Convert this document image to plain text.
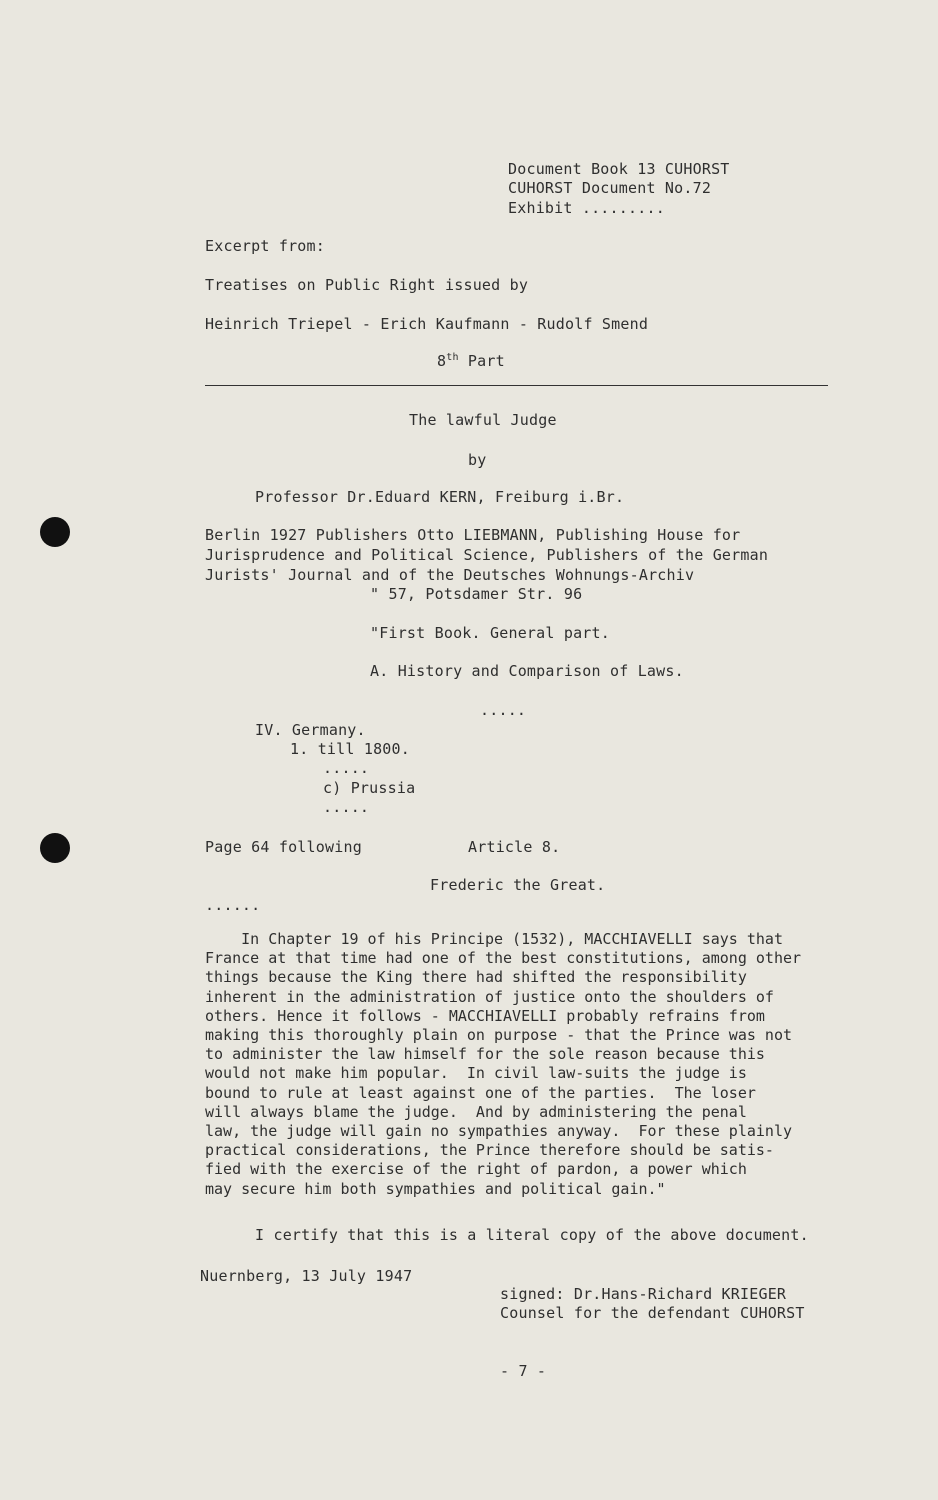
Document Book 13 CUHORST
CUHORST Document No.72
Exhibit .........
Excerpt from:
Treatises on Public Right issued by
Heinrich Triepel - Erich Kaufmann - Rudolf Smend
8th Part
The lawful Judge
by
Professor Dr.Eduard KERN, Freiburg i.Br.
Berlin 1927 Publishers Otto LIEBMANN, Publishing House for
Jurisprudence and Political Science, Publishers of the German
Jurists' Journal and of the Deutsches Wohnungs-Archiv
" 57, Potsdamer Str. 96
"First Book. General part.
A. History and Comparison of Laws.
.....
IV. Germany.
1. till 1800.
.....
c) Prussia
.....
Page 64 following	Article 8.
Frederic the Great.
......
In Chapter 19 of his Principe (1532), MACCHIAVELLI says that
France at that time had one of the best constitutions, among other
things because the King there had shifted the responsibility
inherent in the administration of justice onto the shoulders of
others. Hence it follows - MACCHIAVELLI probably refrains from
making this thoroughly plain on purpose - that the Prince was not
to administer the law himself for the sole reason because this
would not make him popular.  In civil law-suits the judge is
bound to rule at least against one of the parties.  The loser
will always blame the judge.  And by administering the penal
law, the judge will gain no sympathies anyway.  For these plainly
practical considerations, the Prince therefore should be satis-
fied with the exercise of the right of pardon, a power which
may secure him both sympathies and political gain."
I certify that this is a literal copy of the above document.
Nuernberg, 13 July 1947
signed: Dr.Hans-Richard KRIEGER
Counsel for the defendant CUHORST
- 7 -
